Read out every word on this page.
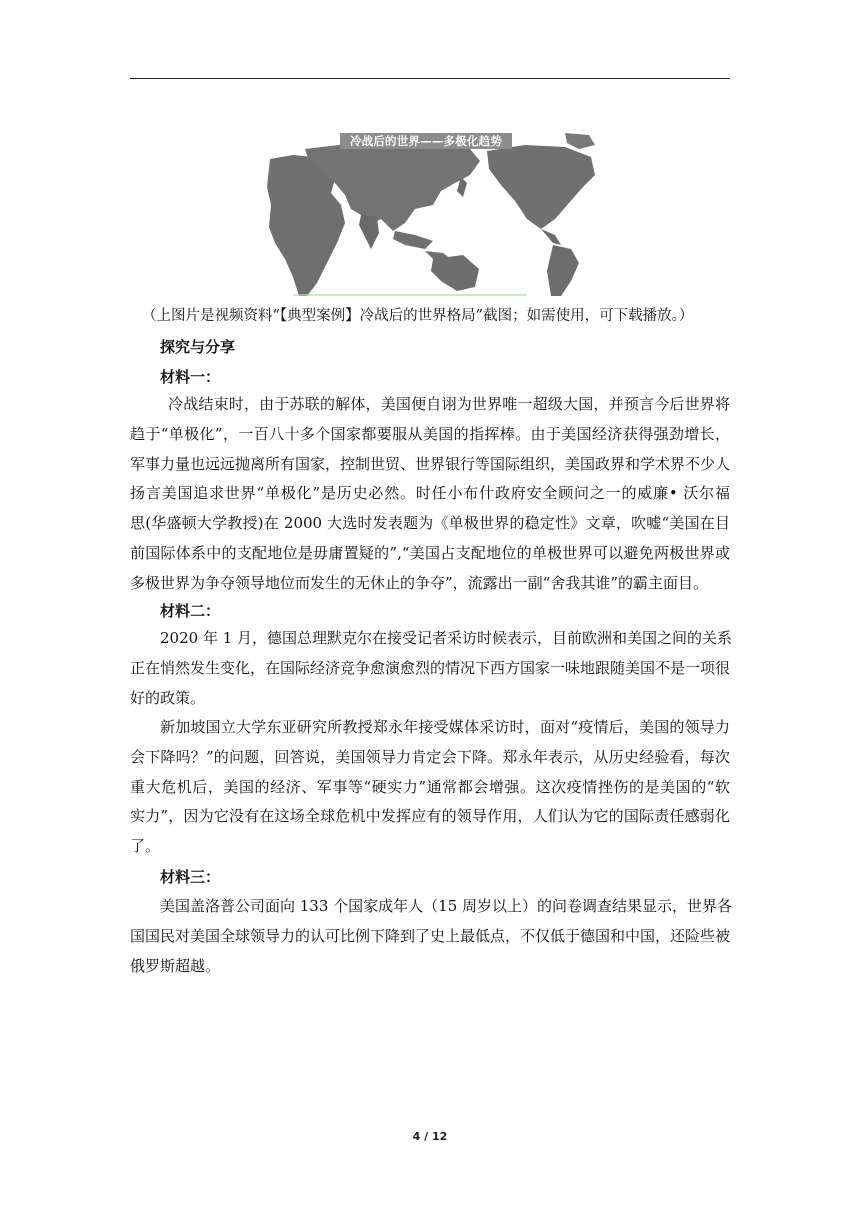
冷战后的世界——多极化趋势
（上图片是视频资料“【典型案例】冷战后的世界格局”截图；如需使用，可下载播放。）
探究与分享
材料一：
冷战结束时，由于苏联的解体，美国便自诩为世界唯一超级大国，并预言今后世界将
趋于“单极化”，一百八十多个国家都要服从美国的指挥棒。由于美国经济获得强劲增长，
军事力量也远远抛离所有国家，控制世贸、世界银行等国际组织，美国政界和学术界不少人
扬言美国追求世界“单极化”是历史必然。时任小布什政府安全顾问之一的威廉• 沃尔福
思(华盛顿大学教授)在 2000 大选时发表题为《单极世界的稳定性》文章，吹嘘“美国在目
前国际体系中的支配地位是毋庸置疑的”,“美国占支配地位的单极世界可以避免两极世界或
多极世界为争夺领导地位而发生的无休止的争夺”，流露出一副“舍我其谁”的霸主面目。
材料二：
2020 年 1 月，德国总理默克尔在接受记者采访时候表示，目前欧洲和美国之间的关系
正在悄然发生变化，在国际经济竞争愈演愈烈的情况下西方国家一味地跟随美国不是一项很
好的政策。
新加坡国立大学东亚研究所教授郑永年接受媒体采访时，面对“疫情后，美国的领导力
会下降吗？”的问题，回答说，美国领导力肯定会下降。郑永年表示，从历史经验看，每次
重大危机后，美国的经济、军事等“硬实力”通常都会增强。这次疫情挫伤的是美国的“软
实力”，因为它没有在这场全球危机中发挥应有的领导作用，人们认为它的国际责任感弱化
了。
材料三：
美国盖洛普公司面向 133 个国家成年人（15 周岁以上）的问卷调查结果显示，世界各
国国民对美国全球领导力的认可比例下降到了史上最低点，不仅低于德国和中国，还险些被
俄罗斯超越。
4 / 12
